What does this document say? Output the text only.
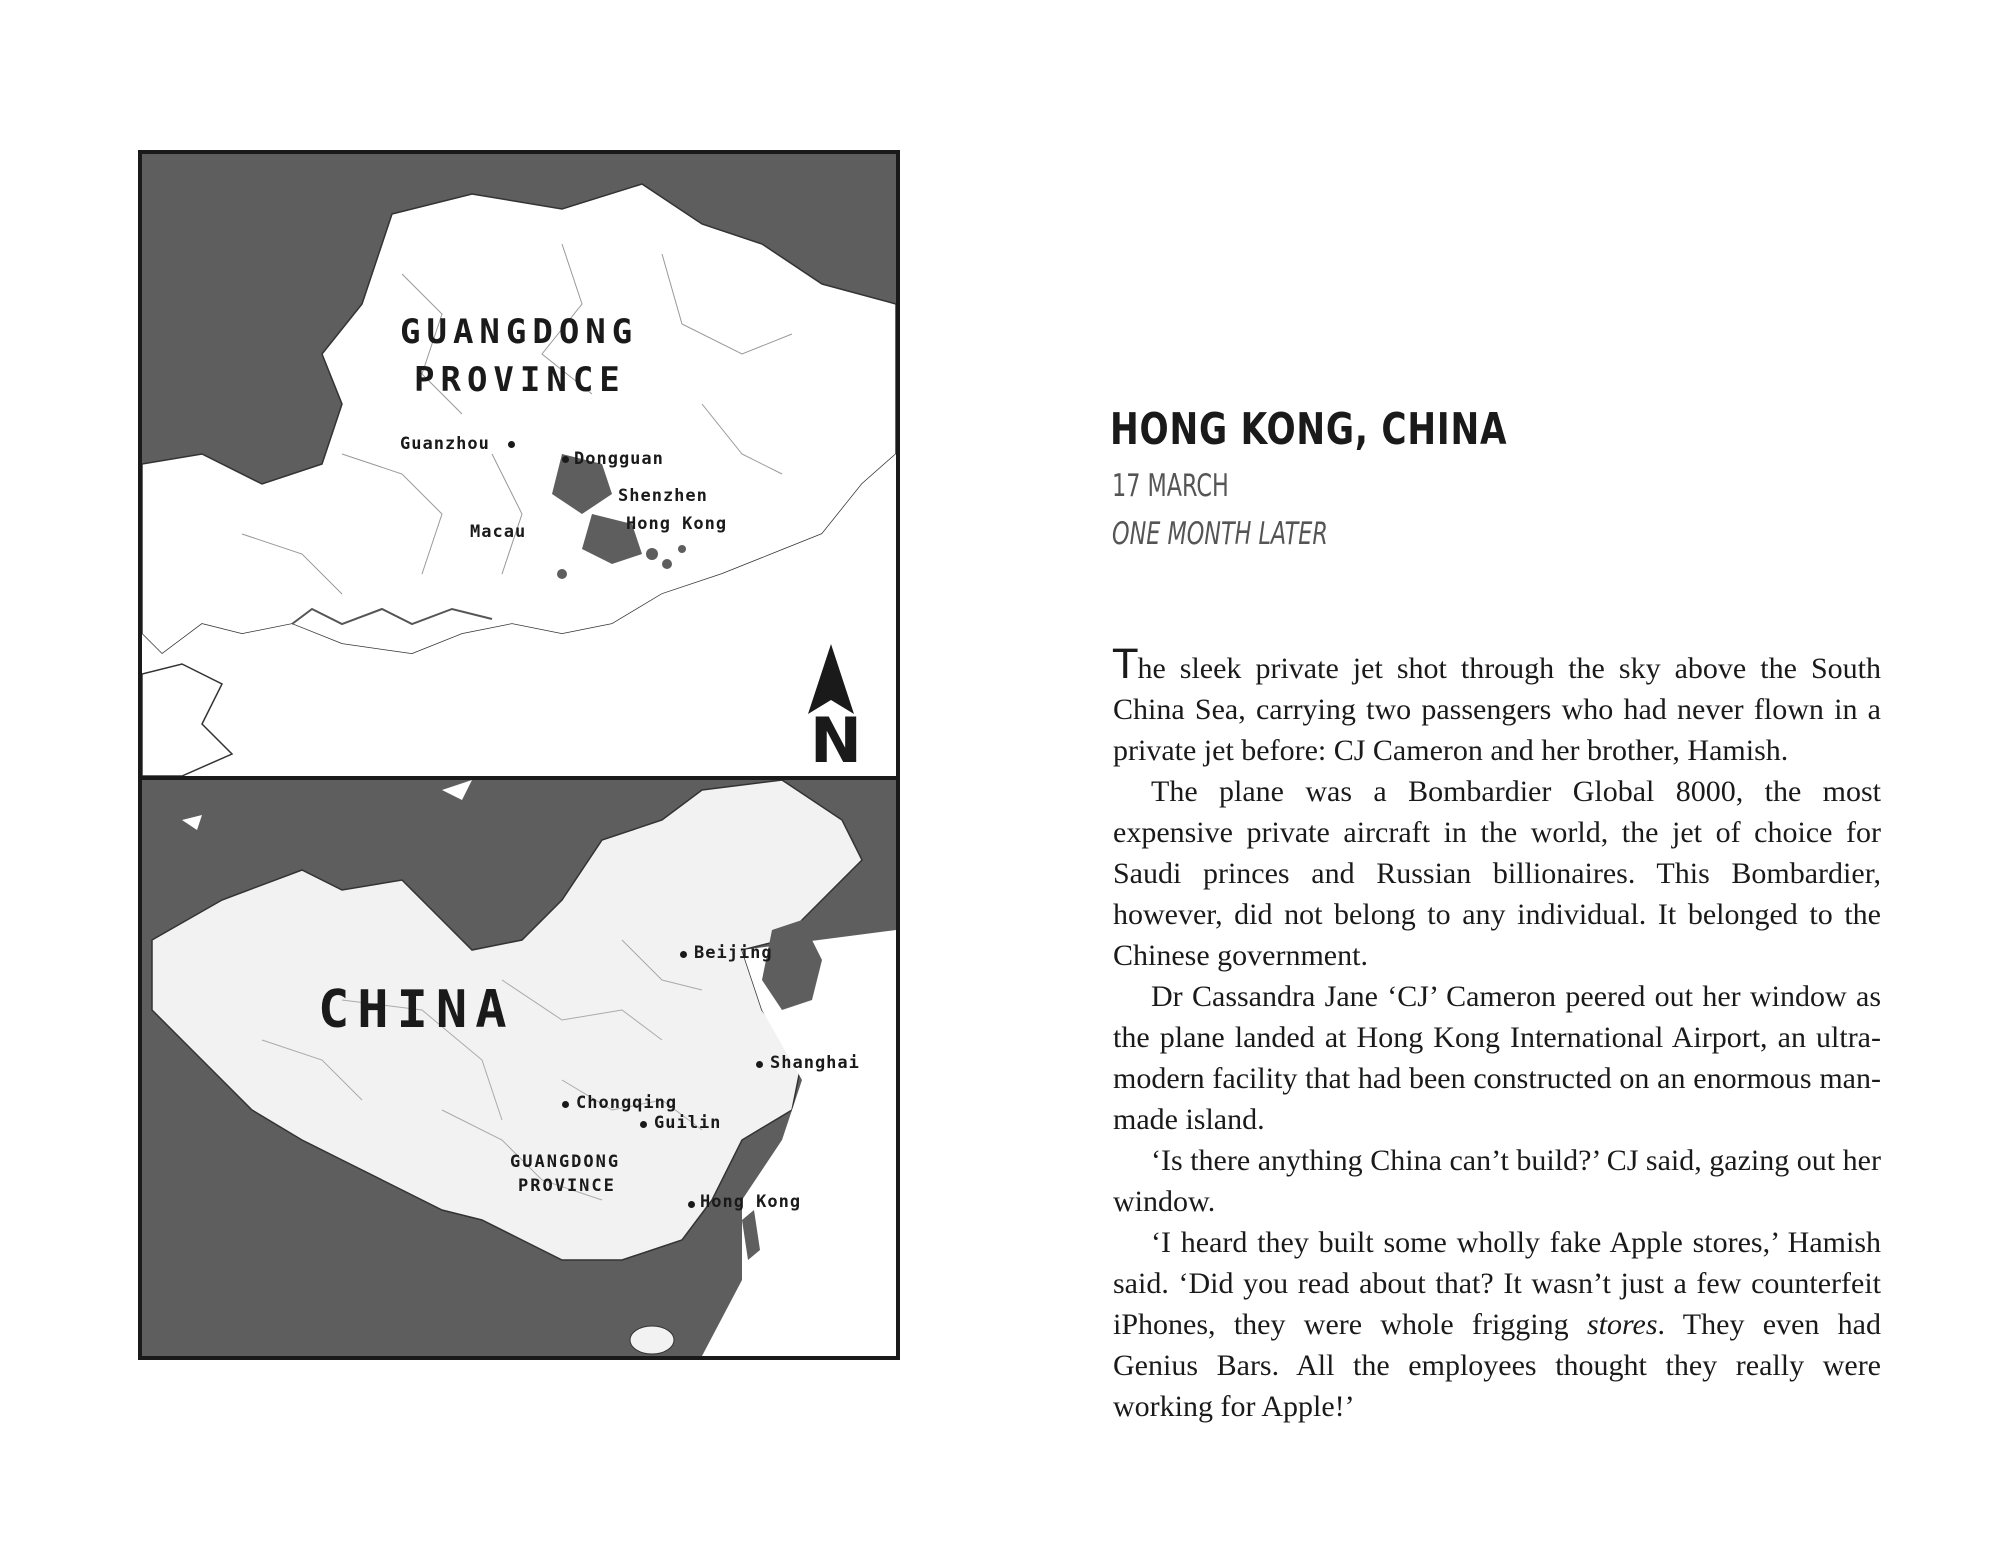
GUANGDONG
PROVINCE
Guanzhou
Dongguan
Shenzhen
Hong Kong
Macau
N
CHINA
Beijing
Shanghai
Chongqing
Guilin
GUANGDONG
PROVINCE
Hong Kong
HONG KONG, CHINA
17 MARCH
ONE MONTH LATER

The sleek private jet shot through the sky above the South China Sea, carrying two passengers who had never flown in a private jet before: CJ Cameron and her brother, Hamish.

The plane was a Bombardier Global 8000, the most expensive private aircraft in the world, the jet of choice for Saudi princes and Russian billionaires. This Bombardier, however, did not belong to any individual. It belonged to the Chinese government.

Dr Cassandra Jane ‘CJ’ Cameron peered out her window as the plane landed at Hong Kong International Airport, an ultra-modern facility that had been constructed on an enormous man-made island.

‘Is there anything China can’t build?’ CJ said, gazing out her window.

‘I heard they built some wholly fake Apple stores,’ Hamish said. ‘Did you read about that? It wasn’t just a few counterfeit iPhones, they were whole frigging stores. They even had Genius Bars. All the employees thought they really were working for Apple!’
